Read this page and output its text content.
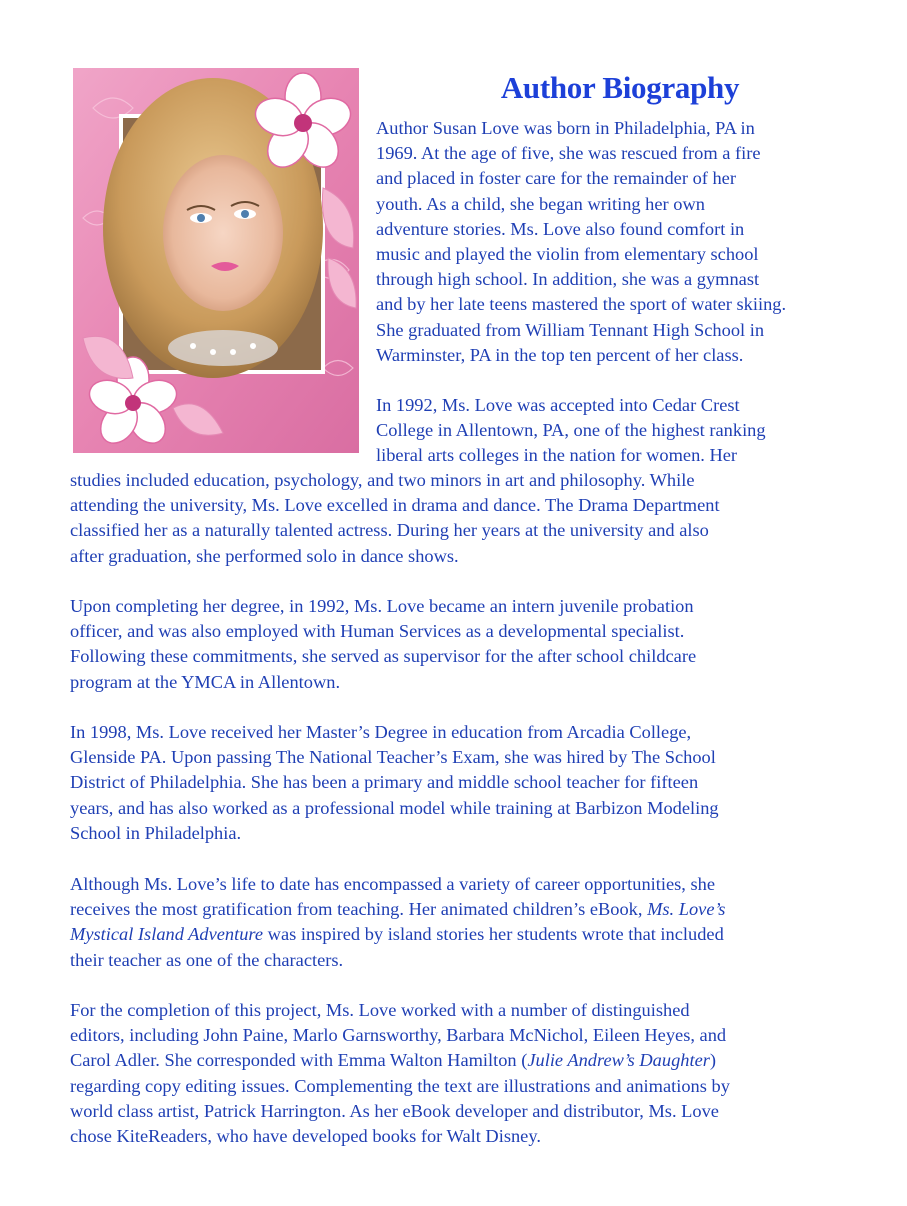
Author Biography
Author Susan Love was born in Philadelphia, PA in
1969. At the age of five, she was rescued from a fire
and placed in foster care for the remainder of her
youth. As a child, she began writing her own
adventure stories. Ms. Love also found comfort in
music and played the violin from elementary school
through high school. In addition, she was a gymnast
and by her late teens mastered the sport of water skiing.
She graduated from William Tennant High School in
Warminster, PA in the top ten percent of her class.
In 1992, Ms. Love was accepted into Cedar Crest
College in Allentown, PA, one of the highest ranking
liberal arts colleges in the nation for women. Her
studies included education, psychology, and two minors in art and philosophy. While
attending the university, Ms. Love excelled in drama and dance. The Drama Department
classified her as a naturally talented actress. During her years at the university and also
after graduation, she performed solo in dance shows.
Upon completing her degree, in 1992, Ms. Love became an intern juvenile probation
officer, and was also employed with Human Services as a developmental specialist.
Following these commitments, she served as supervisor for the after school childcare
program at the YMCA in Allentown.
In 1998, Ms. Love received her Master’s Degree in education from Arcadia College,
Glenside PA. Upon passing The National Teacher’s Exam, she was hired by The School
District of Philadelphia. She has been a primary and middle school teacher for fifteen
years, and has also worked as a professional model while training at Barbizon Modeling
School in Philadelphia.
Although Ms. Love’s life to date has encompassed a variety of career opportunities, she
receives the most gratification from teaching. Her animated children’s eBook, Ms. Love’s
Mystical Island Adventure was inspired by island stories her students wrote that included
their teacher as one of the characters.
For the completion of this project, Ms. Love worked with a number of distinguished
editors, including John Paine, Marlo Garnsworthy, Barbara McNichol, Eileen Heyes, and
Carol Adler. She corresponded with Emma Walton Hamilton (Julie Andrew’s Daughter)
regarding copy editing issues. Complementing the text are illustrations and animations by
world class artist, Patrick Harrington. As her eBook developer and distributor, Ms. Love
chose KiteReaders, who have developed books for Walt Disney.
